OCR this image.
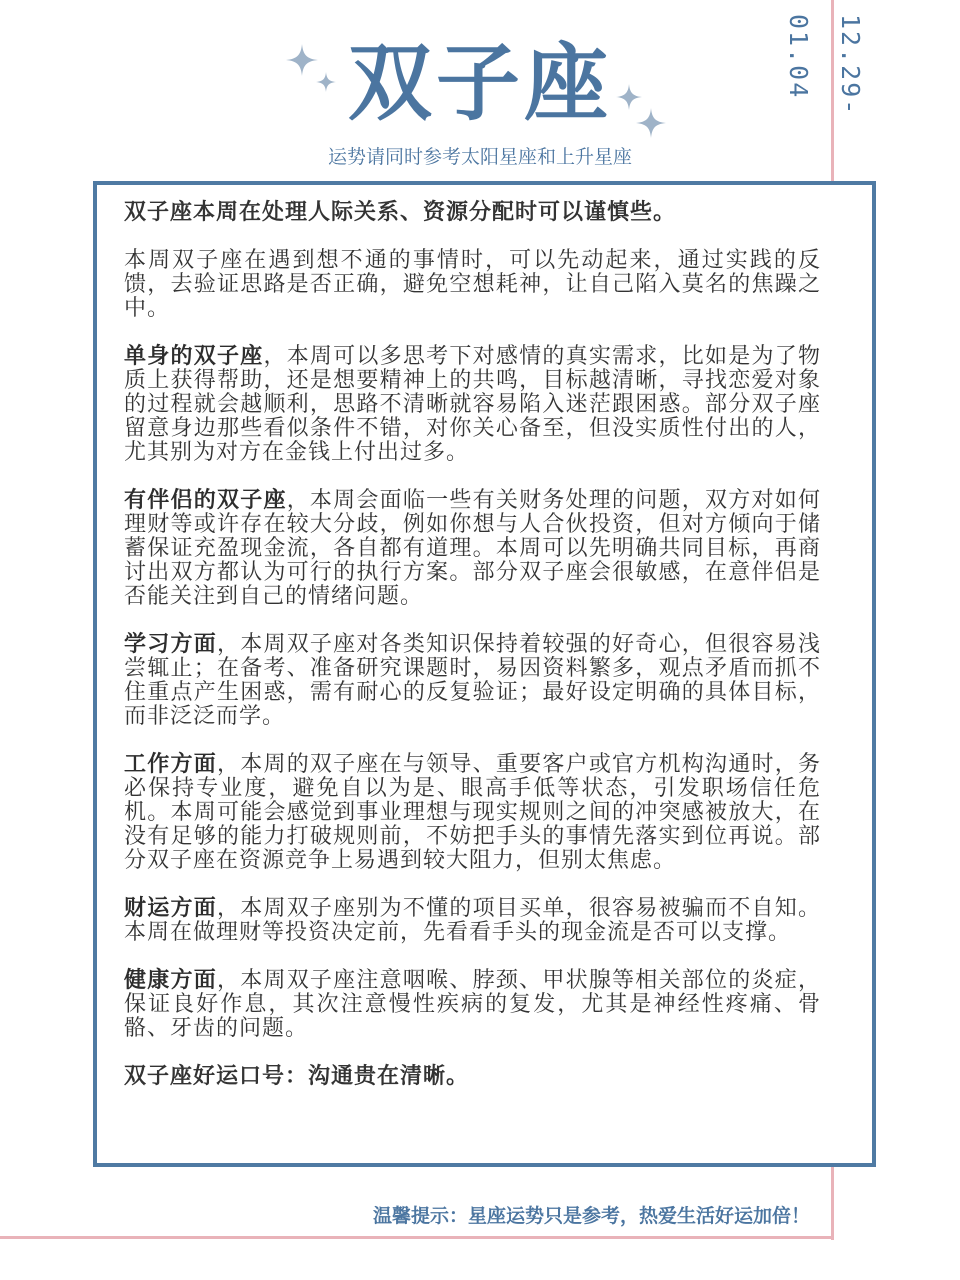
双子座
运势请同时参考太阳星座和上升星座
12.29-01.04

双子座本周在处理人际关系、资源分配时可以谨慎些。

本周双子座在遇到想不通的事情时，可以先动起来，通过实践的反馈，去验证思路是否正确，避免空想耗神，让自己陷入莫名的焦躁之中。

单身的双子座，本周可以多思考下对感情的真实需求，比如是为了物质上获得帮助，还是想要精神上的共鸣，目标越清晰，寻找恋爱对象的过程就会越顺利，思路不清晰就容易陷入迷茫跟困惑。部分双子座留意身边那些看似条件不错，对你关心备至，但没实质性付出的人，尤其别为对方在金钱上付出过多。

有伴侣的双子座，本周会面临一些有关财务处理的问题，双方对如何理财等或许存在较大分歧，例如你想与人合伙投资，但对方倾向于储蓄保证充盈现金流，各自都有道理。本周可以先明确共同目标，再商讨出双方都认为可行的执行方案。部分双子座会很敏感，在意伴侣是否能关注到自己的情绪问题。

学习方面，本周双子座对各类知识保持着较强的好奇心，但很容易浅尝辄止；在备考、准备研究课题时，易因资料繁多，观点矛盾而抓不住重点产生困惑，需有耐心的反复验证；最好设定明确的具体目标，而非泛泛而学。

工作方面，本周的双子座在与领导、重要客户或官方机构沟通时，务必保持专业度，避免自以为是、眼高手低等状态，引发职场信任危机。本周可能会感觉到事业理想与现实规则之间的冲突感被放大，在没有足够的能力打破规则前，不妨把手头的事情先落实到位再说。部分双子座在资源竞争上易遇到较大阻力，但别太焦虑。

财运方面，本周双子座别为不懂的项目买单，很容易被骗而不自知。本周在做理财等投资决定前，先看看手头的现金流是否可以支撑。

健康方面，本周双子座注意咽喉、脖颈、甲状腺等相关部位的炎症，保证良好作息，其次注意慢性疾病的复发，尤其是神经性疼痛、骨骼、牙齿的问题。

双子座好运口号：沟通贵在清晰。

温馨提示：星座运势只是参考，热爱生活好运加倍！
